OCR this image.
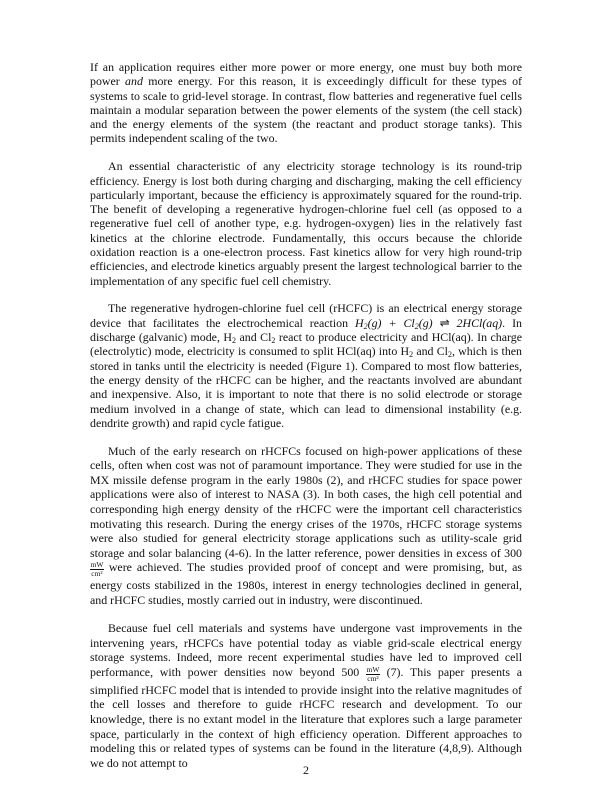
If an application requires either more power or more energy, one must buy both more power and more energy. For this reason, it is exceedingly difficult for these types of systems to scale to grid-level storage. In contrast, flow batteries and regenerative fuel cells maintain a modular separation between the power elements of the system (the cell stack) and the energy elements of the system (the reactant and product storage tanks). This permits independent scaling of the two.

An essential characteristic of any electricity storage technology is its round-trip efficiency. Energy is lost both during charging and discharging, making the cell efficiency particularly important, because the efficiency is approximately squared for the round-trip. The benefit of developing a regenerative hydrogen-chlorine fuel cell (as opposed to a regenerative fuel cell of another type, e.g. hydrogen-oxygen) lies in the relatively fast kinetics at the chlorine electrode. Fundamentally, this occurs because the chloride oxidation reaction is a one-electron process. Fast kinetics allow for very high round-trip efficiencies, and electrode kinetics arguably present the largest technological barrier to the implementation of any specific fuel cell chemistry.

The regenerative hydrogen-chlorine fuel cell (rHCFC) is an electrical energy storage device that facilitates the electrochemical reaction $H_2(g) + Cl_2(g)$ ⇌ 2HCl(aq). In discharge (galvanic) mode, $H_2$ and $Cl_2$ react to produce electricity and HCl(aq). In charge (electrolytic) mode, electricity is consumed to split HCl(aq) into $H_2$ and $Cl_2$, which is then stored in tanks until the electricity is needed (Figure 1). Compared to most flow batteries, the energy density of the rHCFC can be higher, and the reactants involved are abundant and inexpensive. Also, it is important to note that there is no solid electrode or storage medium involved in a change of state, which can lead to dimensional instability (e.g. dendrite growth) and rapid cycle fatigue.

Much of the early research on rHCFCs focused on high-power applications of these cells, often when cost was not of paramount importance. They were studied for use in the MX missile defense program in the early 1980s (2), and rHCFC studies for space power applications were also of interest to NASA (3). In both cases, the high cell potential and corresponding high energy density of the rHCFC were the important cell characteristics motivating this research. During the energy crises of the 1970s, rHCFC storage systems were also studied for general electricity storage applications such as utility-scale grid storage and solar balancing (4-6). In the latter reference, power densities in excess of 300
$\frac{mW}{\text{cm²}}$ were achieved. The studies provided proof of concept and were promising, but, as energy costs stabilized in the 1980s, interest in energy technologies declined in general, and rHCFC studies, mostly carried out in industry, were discontinued.

Because fuel cell materials and systems have undergone vast improvements in the intervening years, rHCFCs have potential today as viable grid-scale electrical energy storage systems. Indeed, more recent experimental studies have led to improved cell performance, with power densities now beyond $500 \frac{mW}{\text{cm²}} (7)$. This paper presents a simplified rHCFC model that is intended to provide insight into the relative magnitudes of the cell losses and therefore to guide rHCFC research and development. To our knowledge, there is no extant model in the literature that explores such a large parameter space, particularly in the context of high efficiency operation. Different approaches to modeling this or related types of systems can be found in the literature (4,8,9). Although we do not attempt to

2
